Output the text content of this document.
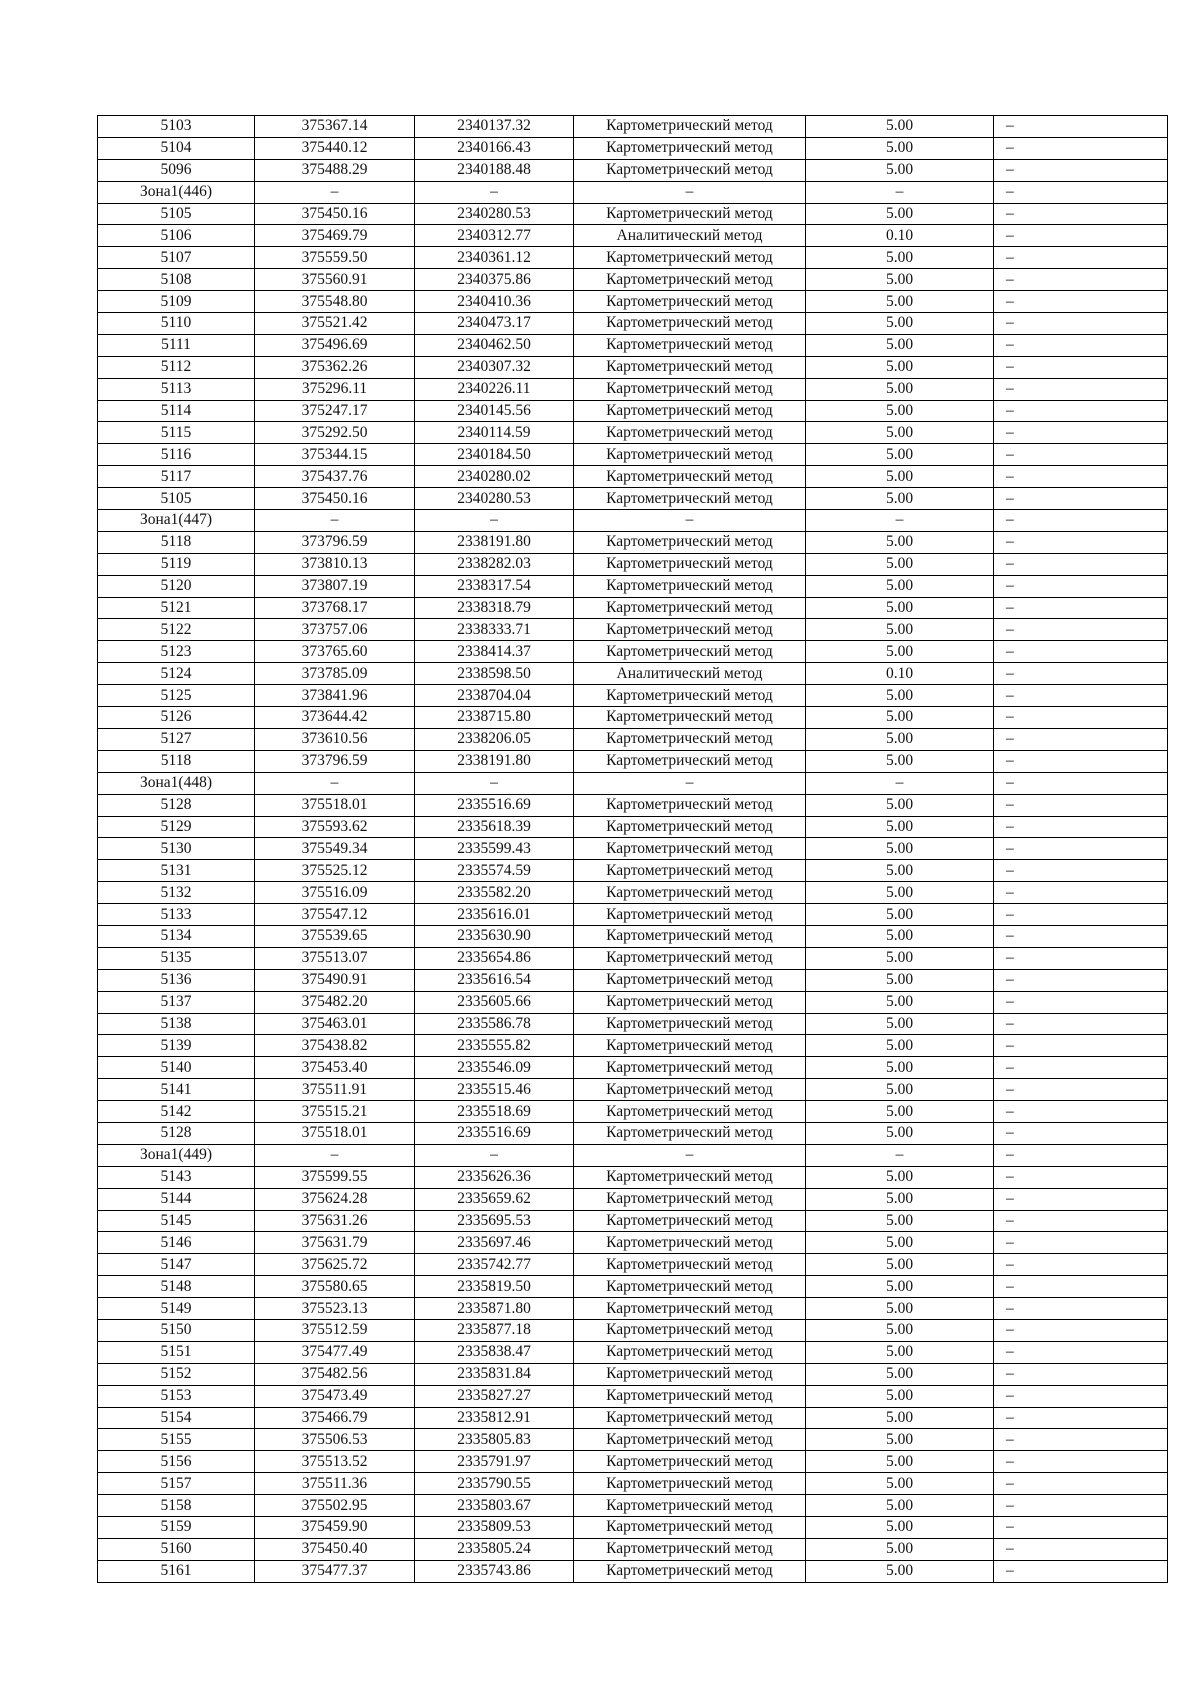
5103	375367.14	2340137.32	Картометрический метод	5.00	–
5104	375440.12	2340166.43	Картометрический метод	5.00	–
5096	375488.29	2340188.48	Картометрический метод	5.00	–
Зона1(446)	–	–	–	–	–
5105	375450.16	2340280.53	Картометрический метод	5.00	–
5106	375469.79	2340312.77	Аналитический метод	0.10	–
5107	375559.50	2340361.12	Картометрический метод	5.00	–
5108	375560.91	2340375.86	Картометрический метод	5.00	–
5109	375548.80	2340410.36	Картометрический метод	5.00	–
5110	375521.42	2340473.17	Картометрический метод	5.00	–
5111	375496.69	2340462.50	Картометрический метод	5.00	–
5112	375362.26	2340307.32	Картометрический метод	5.00	–
5113	375296.11	2340226.11	Картометрический метод	5.00	–
5114	375247.17	2340145.56	Картометрический метод	5.00	–
5115	375292.50	2340114.59	Картометрический метод	5.00	–
5116	375344.15	2340184.50	Картометрический метод	5.00	–
5117	375437.76	2340280.02	Картометрический метод	5.00	–
5105	375450.16	2340280.53	Картометрический метод	5.00	–
Зона1(447)	–	–	–	–	–
5118	373796.59	2338191.80	Картометрический метод	5.00	–
5119	373810.13	2338282.03	Картометрический метод	5.00	–
5120	373807.19	2338317.54	Картометрический метод	5.00	–
5121	373768.17	2338318.79	Картометрический метод	5.00	–
5122	373757.06	2338333.71	Картометрический метод	5.00	–
5123	373765.60	2338414.37	Картометрический метод	5.00	–
5124	373785.09	2338598.50	Аналитический метод	0.10	–
5125	373841.96	2338704.04	Картометрический метод	5.00	–
5126	373644.42	2338715.80	Картометрический метод	5.00	–
5127	373610.56	2338206.05	Картометрический метод	5.00	–
5118	373796.59	2338191.80	Картометрический метод	5.00	–
Зона1(448)	–	–	–	–	–
5128	375518.01	2335516.69	Картометрический метод	5.00	–
5129	375593.62	2335618.39	Картометрический метод	5.00	–
5130	375549.34	2335599.43	Картометрический метод	5.00	–
5131	375525.12	2335574.59	Картометрический метод	5.00	–
5132	375516.09	2335582.20	Картометрический метод	5.00	–
5133	375547.12	2335616.01	Картометрический метод	5.00	–
5134	375539.65	2335630.90	Картометрический метод	5.00	–
5135	375513.07	2335654.86	Картометрический метод	5.00	–
5136	375490.91	2335616.54	Картометрический метод	5.00	–
5137	375482.20	2335605.66	Картометрический метод	5.00	–
5138	375463.01	2335586.78	Картометрический метод	5.00	–
5139	375438.82	2335555.82	Картометрический метод	5.00	–
5140	375453.40	2335546.09	Картометрический метод	5.00	–
5141	375511.91	2335515.46	Картометрический метод	5.00	–
5142	375515.21	2335518.69	Картометрический метод	5.00	–
5128	375518.01	2335516.69	Картометрический метод	5.00	–
Зона1(449)	–	–	–	–	–
5143	375599.55	2335626.36	Картометрический метод	5.00	–
5144	375624.28	2335659.62	Картометрический метод	5.00	–
5145	375631.26	2335695.53	Картометрический метод	5.00	–
5146	375631.79	2335697.46	Картометрический метод	5.00	–
5147	375625.72	2335742.77	Картометрический метод	5.00	–
5148	375580.65	2335819.50	Картометрический метод	5.00	–
5149	375523.13	2335871.80	Картометрический метод	5.00	–
5150	375512.59	2335877.18	Картометрический метод	5.00	–
5151	375477.49	2335838.47	Картометрический метод	5.00	–
5152	375482.56	2335831.84	Картометрический метод	5.00	–
5153	375473.49	2335827.27	Картометрический метод	5.00	–
5154	375466.79	2335812.91	Картометрический метод	5.00	–
5155	375506.53	2335805.83	Картометрический метод	5.00	–
5156	375513.52	2335791.97	Картометрический метод	5.00	–
5157	375511.36	2335790.55	Картометрический метод	5.00	–
5158	375502.95	2335803.67	Картометрический метод	5.00	–
5159	375459.90	2335809.53	Картометрический метод	5.00	–
5160	375450.40	2335805.24	Картометрический метод	5.00	–
5161	375477.37	2335743.86	Картометрический метод	5.00	–
